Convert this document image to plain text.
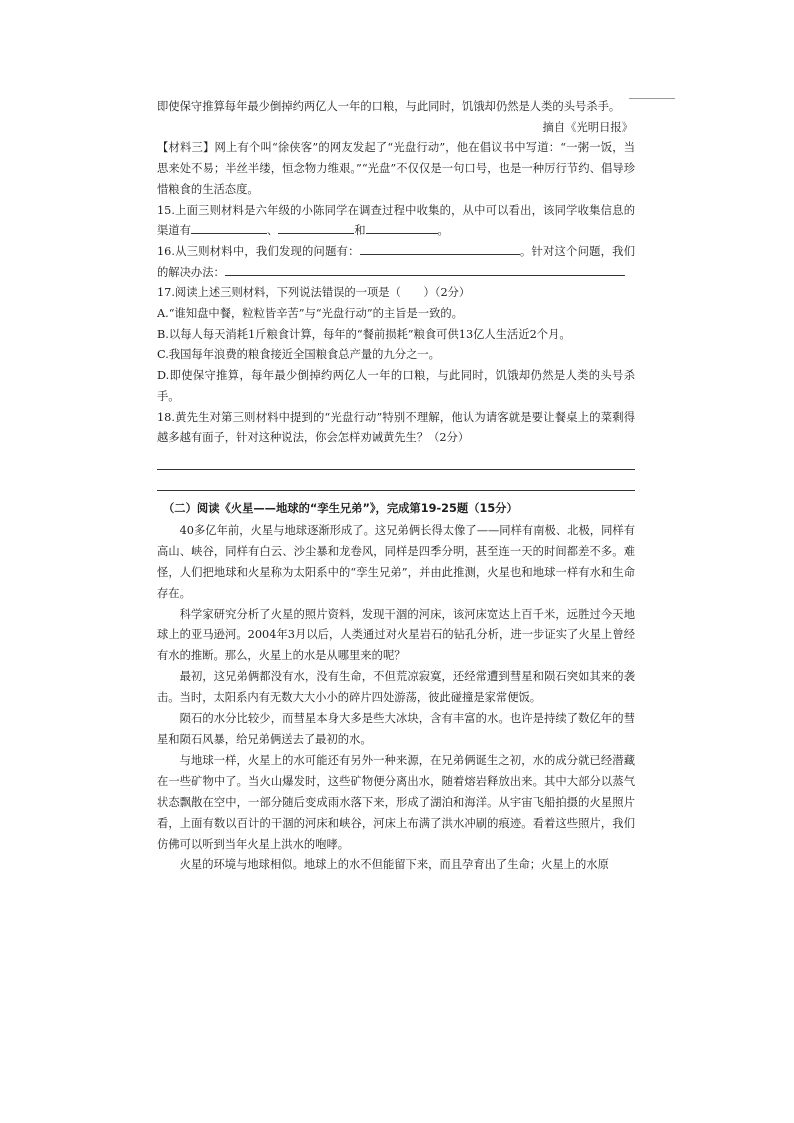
即使保守推算每年最少倒掉约两亿人一年的口粮，与此同时，饥饿却仍然是人类的头号杀手。

摘自《光明日报》

【材料三】网上有个叫“徐侠客”的网友发起了“光盘行动”，他在倡议书中写道：“一粥一饭，当思来处不易；半丝半缕，恒念物力维艰。”“光盘”不仅仅是一句口号，也是一种厉行节约、倡导珍惜粮食的生活态度。

15.上面三则材料是六年级的小陈同学在调查过程中收集的，从中可以看出，该同学收集信息的渠道有	、	和	。

16.从三则材料中，我们发现的问题有：	。针对这个问题，我们的解决办法：

17.阅读上述三则材料，下列说法错误的一项是（　　）（2分）

A.“谁知盘中餐，粒粒皆辛苦”与“光盘行动”的主旨是一致的。

B.以每人每天消耗1斤粮食计算，每年的“餐前损耗”粮食可供13亿人生活近2个月。

C.我国每年浪费的粮食接近全国粮食总产量的九分之一。

D.即使保守推算，每年最少倒掉约两亿人一年的口粮，与此同时，饥饿却仍然是人类的头号杀手。

18.黄先生对第三则材料中提到的“光盘行动”特别不理解，他认为请客就是要让餐桌上的菜剩得越多越有面子，针对这种说法，你会怎样劝诫黄先生？（2分）

（二）阅读《火星——地球的“孪生兄弟”》，完成第19-25题（15分）

40多亿年前，火星与地球逐渐形成了。这兄弟俩长得太像了——同样有南极、北极，同样有高山、峡谷，同样有白云、沙尘暴和龙卷风，同样是四季分明，甚至连一天的时间都差不多。难怪，人们把地球和火星称为太阳系中的“孪生兄弟”，并由此推测，火星也和地球一样有水和生命存在。

科学家研究分析了火星的照片资料，发现干涸的河床，该河床宽达上百千米，远胜过今天地球上的亚马逊河。2004年3月以后，人类通过对火星岩石的钻孔分析，进一步证实了火星上曾经有水的推断。那么，火星上的水是从哪里来的呢？

最初，这兄弟俩都没有水，没有生命，不但荒凉寂寞，还经常遭到彗星和陨石突如其来的袭击。当时，太阳系内有无数大大小小的碎片四处游荡，彼此碰撞是家常便饭。

陨石的水分比较少，而彗星本身大多是些大冰块，含有丰富的水。也许是持续了数亿年的彗星和陨石风暴，给兄弟俩送去了最初的水。

与地球一样，火星上的水可能还有另外一种来源，在兄弟俩诞生之初，水的成分就已经潜藏在一些矿物中了。当火山爆发时，这些矿物便分离出水，随着熔岩释放出来。其中大部分以蒸气状态飘散在空中，一部分随后变成雨水落下来，形成了湖泊和海洋。从宇宙飞船拍摄的火星照片看，上面有数以百计的干涸的河床和峡谷，河床上布满了洪水冲刷的痕迹。看着这些照片，我们仿佛可以听到当年火星上洪水的咆哮。

火星的环境与地球相似。地球上的水不但能留下来，而且孕育出了生命；火星上的水原
